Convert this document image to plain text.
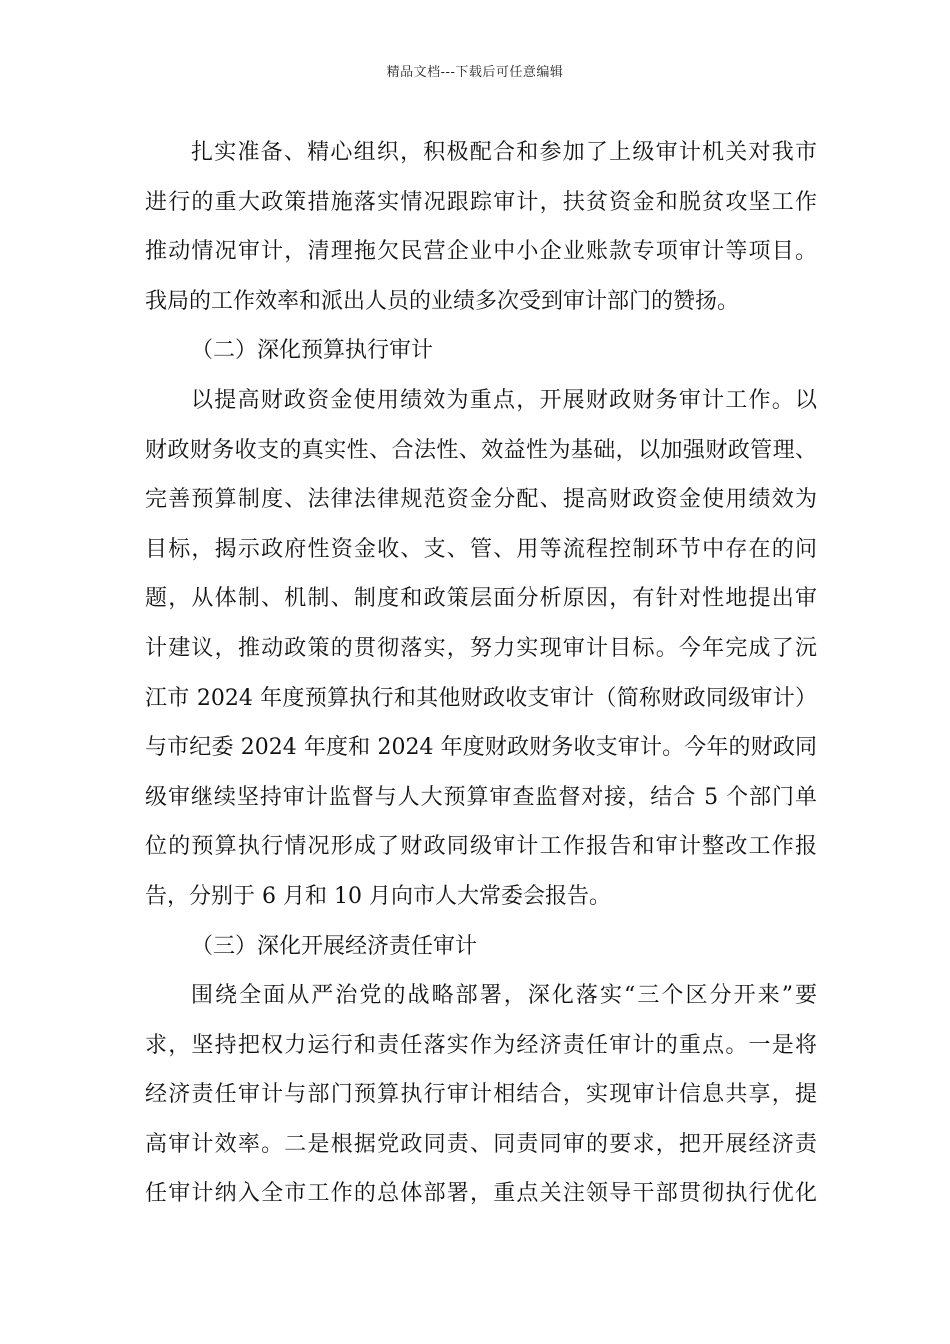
精品文档---下载后可任意编辑
扎实准备、精心组织，积极配合和参加了上级审计机关对我市
进行的重大政策措施落实情况跟踪审计，扶贫资金和脱贫攻坚工作
推动情况审计，清理拖欠民营企业中小企业账款专项审计等项目。
我局的工作效率和派出人员的业绩多次受到审计部门的赞扬。
（二）深化预算执行审计
以提高财政资金使用绩效为重点，开展财政财务审计工作。以
财政财务收支的真实性、合法性、效益性为基础，以加强财政管理、
完善预算制度、法律法律规范资金分配、提高财政资金使用绩效为
目标，揭示政府性资金收、支、管、用等流程控制环节中存在的问
题，从体制、机制、制度和政策层面分析原因，有针对性地提出审
计建议，推动政策的贯彻落实，努力实现审计目标。今年完成了沅
江市 2024 年度预算执行和其他财政收支审计（简称财政同级审计）
与市纪委 2024 年度和 2024 年度财政财务收支审计。今年的财政同
级审继续坚持审计监督与人大预算审查监督对接，结合 5 个部门单
位的预算执行情况形成了财政同级审计工作报告和审计整改工作报
告，分别于 6 月和 10 月向市人大常委会报告。
（三）深化开展经济责任审计
围绕全面从严治党的战略部署，深化落实“三个区分开来”要
求，坚持把权力运行和责任落实作为经济责任审计的重点。一是将
经济责任审计与部门预算执行审计相结合，实现审计信息共享，提
高审计效率。二是根据党政同责、同责同审的要求，把开展经济责
任审计纳入全市工作的总体部署，重点关注领导干部贯彻执行优化
